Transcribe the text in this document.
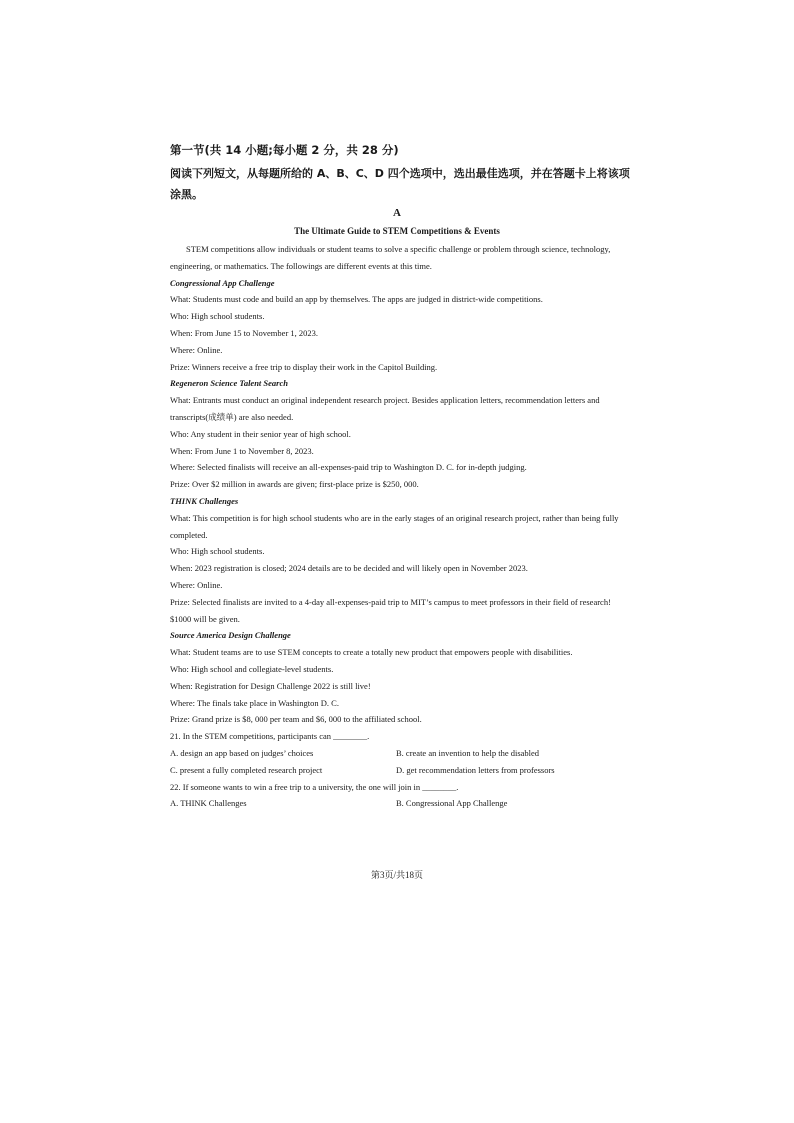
第一节(共 14 小题;每小题 2 分，共 28 分)
阅读下列短文，从每题所给的 A、B、C、D 四个选项中，选出最佳选项，并在答题卡上将该项涂黑。
A
The Ultimate Guide to STEM Competitions & Events

STEM competitions allow individuals or student teams to solve a specific challenge or problem through science, technology, engineering, or mathematics. The followings are different events at this time.

Congressional App Challenge

What: Students must code and build an app by themselves. The apps are judged in district-wide competitions.

Who: High school students.

When: From June 15 to November 1, 2023.

Where: Online.

Prize: Winners receive a free trip to display their work in the Capitol Building.

Regeneron Science Talent Search

What: Entrants must conduct an original independent research project. Besides application letters, recommendation letters and transcripts(成绩单) are also needed.

Who: Any student in their senior year of high school.

When: From June 1 to November 8, 2023.

Where: Selected finalists will receive an all-expenses-paid trip to Washington D. C. for in-depth judging.

Prize: Over $2 million in awards are given; first-place prize is $250, 000.

THINK Challenges

What: This competition is for high school students who are in the early stages of an original research project, rather than being fully completed.

Who: High school students.

When: 2023 registration is closed; 2024 details are to be decided and will likely open in November 2023.

Where: Online.

Prize: Selected finalists are invited to a 4-day all-expenses-paid trip to MIT’s campus to meet professors in their field of research! $1000 will be given.

Source America Design Challenge

What: Student teams are to use STEM concepts to create a totally new product that empowers people with disabilities.

Who: High school and collegiate-level students.

When: Registration for Design Challenge 2022 is still live!

Where: The finals take place in Washington D. C.

Prize: Grand prize is $8, 000 per team and $6, 000 to the affiliated school.

21. In the STEM competitions, participants can ________.

A. design an app based on judges’ choices	B. create an invention to help the disabled
C. present a fully completed research project	D. get recommendation letters from professors

22. If someone wants to win a free trip to a university, the one will join in ________.

A. THINK Challenges	B. Congressional App Challenge
第3页/共18页
